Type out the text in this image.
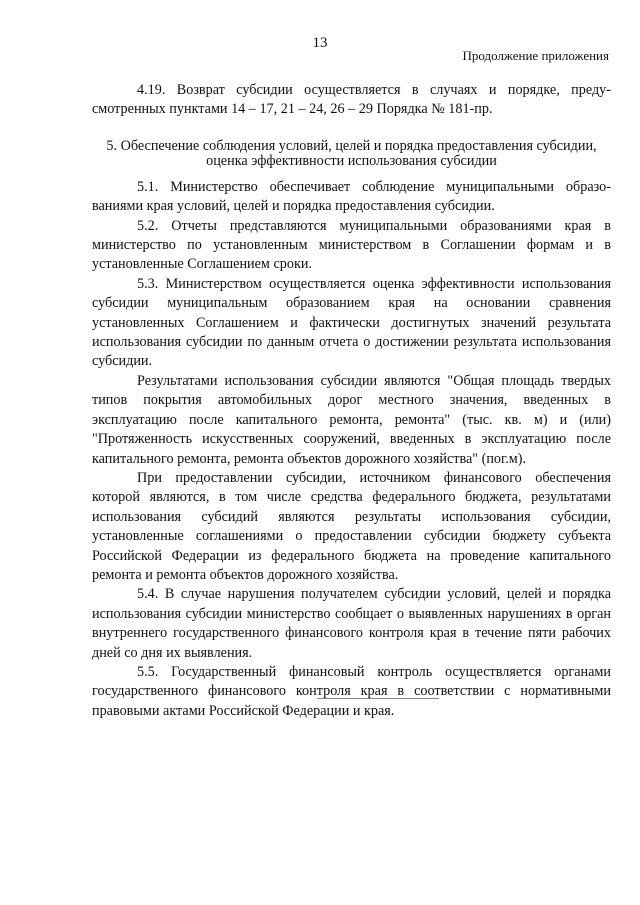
13
Продолжение приложения

4.19. Возврат субсидии осуществляется в случаях и порядке, предусмотренных пунктами 14 – 17, 21 – 24, 26 – 29 Порядка № 181-пр.

5. Обеспечение соблюдения условий, целей и порядка предоставления субсидии, оценка эффективности использования субсидии

5.1. Министерство обеспечивает соблюдение муниципальными образованиями края условий, целей и порядка предоставления субсидии.

5.2. Отчеты представляются муниципальными образованиями края в министерство по установленным министерством в Соглашении формам и в установленные Соглашением сроки.

5.3. Министерством осуществляется оценка эффективности использования субсидии муниципальным образованием края на основании сравнения установленных Соглашением и фактически достигнутых значений результата использования субсидии по данным отчета о достижении результата использования субсидии.

Результатами использования субсидии являются "Общая площадь твердых типов покрытия автомобильных дорог местного значения, введенных в эксплуатацию после капитального ремонта, ремонта" (тыс. кв. м) и (или) "Протяженность искусственных сооружений, введенных в эксплуатацию после капитального ремонта, ремонта объектов дорожного хозяйства" (пог.м).

При предоставлении субсидии, источником финансового обеспечения которой являются, в том числе средства федерального бюджета, результатами использования субсидий являются результаты использования субсидии, установленные соглашениями о предоставлении субсидии бюджету субъекта Российской Федерации из федерального бюджета на проведение капитального ремонта и ремонта объектов дорожного хозяйства.

5.4. В случае нарушения получателем субсидии условий, целей и порядка использования субсидии министерство сообщает о выявленных нарушениях в орган внутреннего государственного финансового контроля края в течение пяти рабочих дней со дня их выявления.

5.5. Государственный финансовый контроль осуществляется органами государственного финансового контроля края в соответствии с нормативными правовыми актами Российской Федерации и края.
